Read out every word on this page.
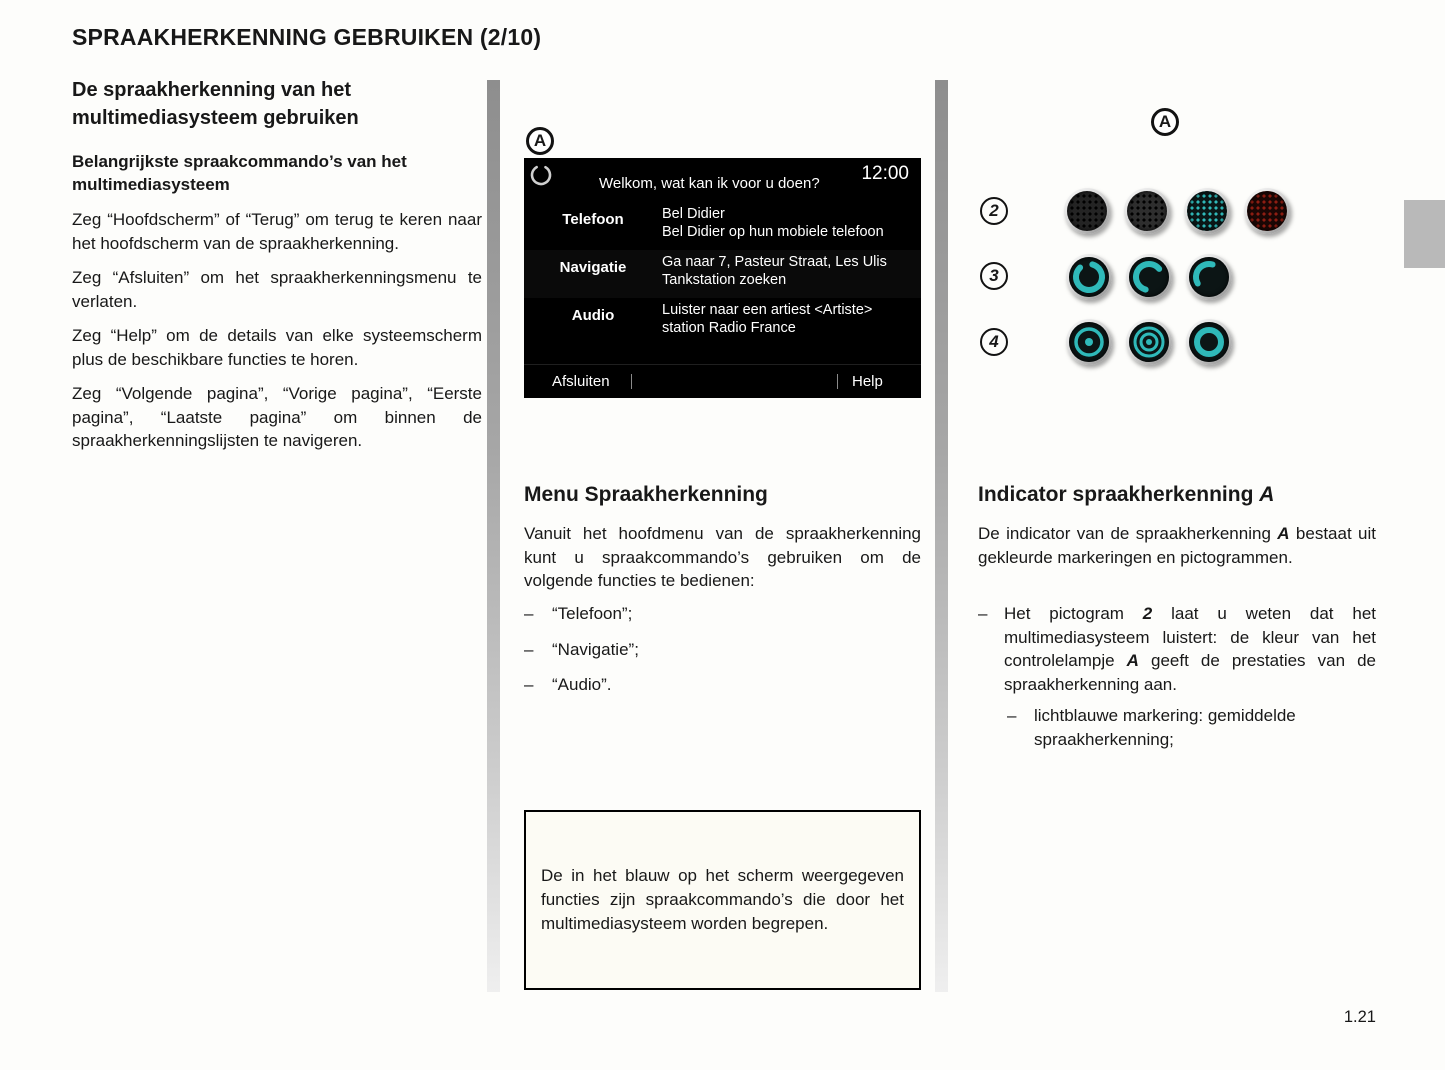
SPRAAKHERKENNING GEBRUIKEN (2/10)
De spraakherkenning van het multimediasysteem gebruiken
Belangrijkste spraakcommando’s van het multimediasysteem

Zeg “Hoofdscherm” of “Terug” om terug te keren naar het hoofdscherm van de spraakherkenning.

Zeg “Afsluiten” om het spraakherkenningsmenu te verlaten.

Zeg “Help” om de details van elke systeemscherm plus de beschikbare functies te horen.

Zeg “Volgende pagina”, “Vorige pagina”, “Eerste pagina”, “Laatste pagina” om binnen de spraakherkenningslijsten te navigeren.

A
Welkom, wat kan ik voor u doen? 12:00
Telefoon	Bel Didier
Bel Didier op hun mobiele telefoon
Navigatie	Ga naar 7, Pasteur Straat, Les Ulis
Tankstation zoeken
Audio	Luister naar een artiest <Artiste>
station Radio France
Afsluiten	Help
Menu Spraakherkenning

Vanuit het hoofdmenu van de spraakherkenning kunt u spraakcommando’s gebruiken om de volgende functies te bedienen:

– “Telefoon”;
– “Navigatie”;
– “Audio”.

De in het blauw op het scherm weergegeven functies zijn spraakcommando’s die door het multimediasysteem worden begrepen.

A
2
3
4
Indicator spraakherkenning A

De indicator van de spraakherkenning A bestaat uit gekleurde markeringen en pictogrammen.

– Het pictogram 2 laat u weten dat het multimediasysteem luistert: de kleur van het controlelampje A geeft de prestaties van de spraakherkenning aan.
– lichtblauwe markering: gemiddelde spraakherkenning;
1.21
